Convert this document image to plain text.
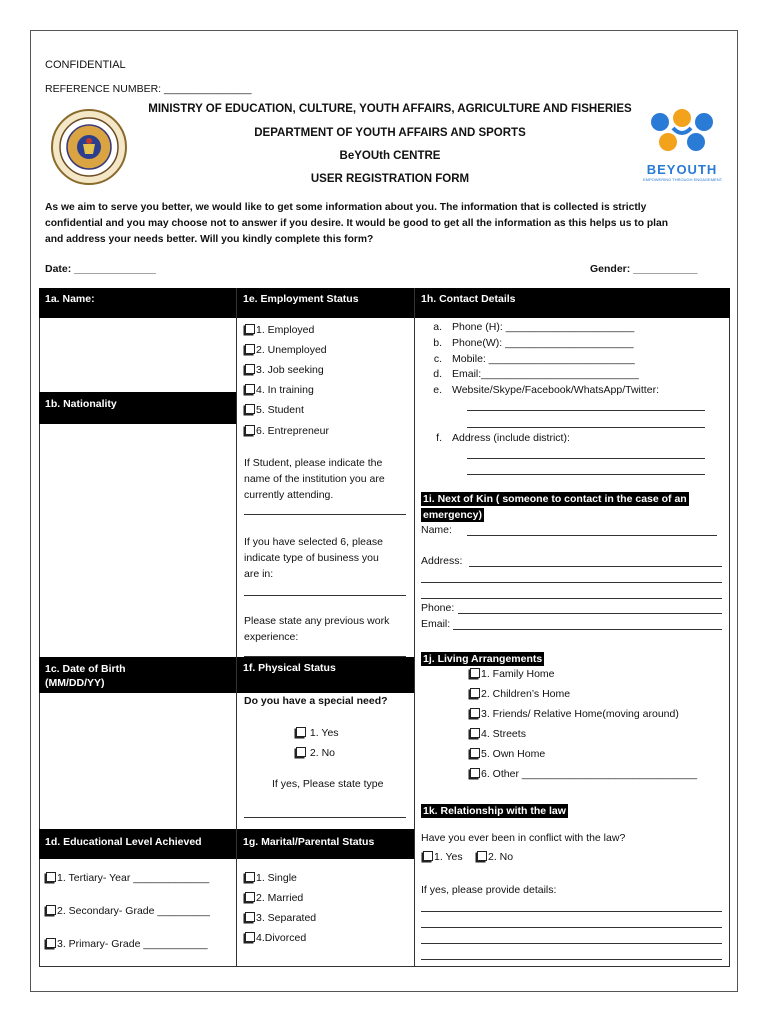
CONFIDENTIAL
REFERENCE NUMBER: _______________
MINISTRY OF EDUCATION, CULTURE, YOUTH AFFAIRS, AGRICULTURE AND FISHERIES
DEPARTMENT OF YOUTH AFFAIRS AND SPORTS
BeYOUth CENTRE
USER REGISTRATION FORM
BEYOUTH
EMPOWERING THROUGH ENGAGEMENT
As we aim to serve you better, we would like to get some information about you. The information that is collected is strictly
confidential and you may choose not to answer if you desire. It would be good to get all the information as this helps us to plan
and address your needs better. Will you kindly complete this form?
Date: ______________	Gender: ___________
1a. Name:	1e. Employment Status	1h. Contact Details
1b. Nationality
1c. Date of Birth
(MM/DD/YY)
1d. Educational Level Achieved
1. Tertiary- Year _____________
2. Secondary- Grade _________
3. Primary- Grade ___________
1. Employed
2. Unemployed
3. Job seeking
4. In training
5. Student
6. Entrepreneur
If Student, please indicate the
name of the institution you are
currently attending.
If you have selected 6, please
indicate type of business you
are in:
Please state any previous work
experience:
1f. Physical Status
Do you have a special need?
1. Yes
2. No
If yes, Please state type
1g. Marital/Parental Status
1. Single
2. Married
3. Separated
4.Divorced
a. Phone (H): ______________________
b. Phone(W): ______________________
c. Mobile: _________________________
d. Email:___________________________
e. Website/Skype/Facebook/WhatsApp/Twitter:
f. Address (include district):
1i. Next of Kin ( someone to contact in the case of an
emergency)
Name:
Address:
Phone:
Email:
1j. Living Arrangements
1. Family Home
2. Children’s Home
3. Friends/ Relative Home(moving around)
4. Streets
5. Own Home
6. Other ______________________________
1k. Relationship with the law
Have you ever been in conflict with the law?
1. Yes	2. No
If yes, please provide details:
